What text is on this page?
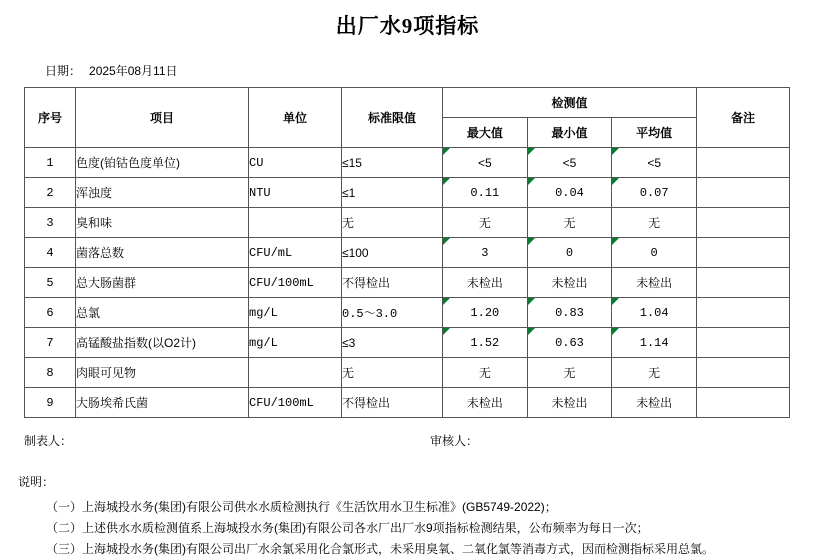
出厂水9项指标
日期： 2025年08月11日
序号	项目	单位	标准限值	检测值			备注
				最大值	最小值	平均值	
1	色度(铂钴色度单位)	CU	≤15	<5	<5	<5	
2	浑浊度	NTU	≤1	0.11	0.04	0.07	
3	臭和味		无	无	无	无	
4	菌落总数	CFU/mL	≤100	3	0	0	
5	总大肠菌群	CFU/100mL	不得检出	未检出	未检出	未检出	
6	总氯	mg/L	0.5～3.0	1.20	0.83	1.04	
7	高锰酸盐指数(以O2计)	mg/L	≤3	1.52	0.63	1.14	
8	肉眼可见物		无	无	无	无	
9	大肠埃希氏菌	CFU/100mL	不得检出	未检出	未检出	未检出	
制表人：	审核人：
说明：
（一）上海城投水务(集团)有限公司供水水质检测执行《生活饮用水卫生标准》(GB5749-2022)；
（二）上述供水水质检测值系上海城投水务(集团)有限公司各水厂出厂水9项指标检测结果，公布频率为每日一次；
（三）上海城投水务(集团)有限公司出厂水余氯采用化合氯形式，未采用臭氧、二氧化氯等消毒方式，因而检测指标采用总氯。
